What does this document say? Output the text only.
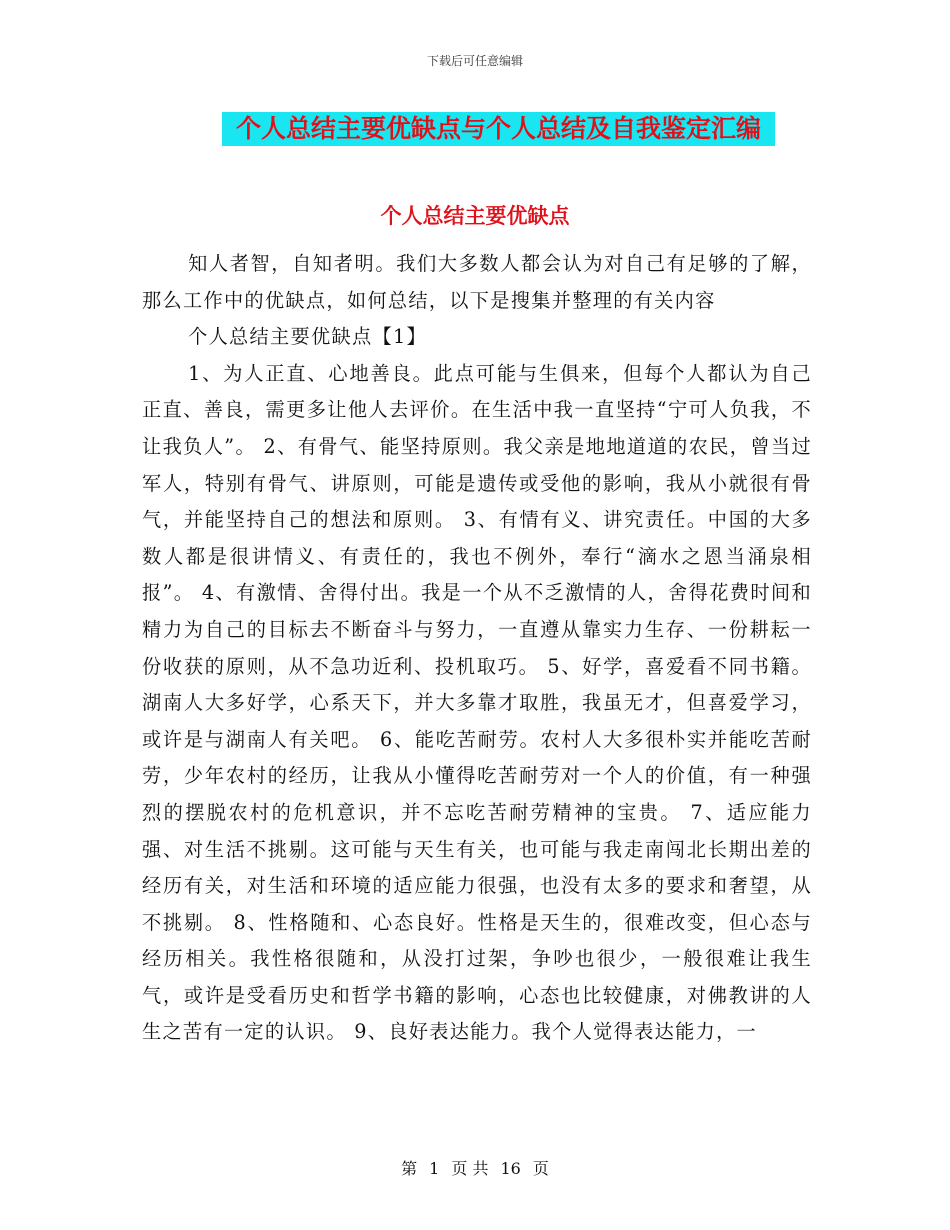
下载后可任意编辑
个人总结主要优缺点与个人总结及自我鉴定汇编
个人总结主要优缺点

知人者智，自知者明。我们大多数人都会认为对自己有足够的了解，那么工作中的优缺点，如何总结，以下是搜集并整理的有关内容

个人总结主要优缺点【1】

1、为人正直、心地善良。此点可能与生俱来，但每个人都认为自己正直、善良，需更多让他人去评价。在生活中我一直坚持“宁可人负我，不让我负人”。 2、有骨气、能坚持原则。我父亲是地地道道的农民，曾当过军人，特别有骨气、讲原则，可能是遗传或受他的影响，我从小就很有骨气，并能坚持自己的想法和原则。 3、有情有义、讲究责任。中国的大多数人都是很讲情义、有责任的，我也不例外，奉行“滴水之恩当涌泉相报”。 4、有激情、舍得付出。我是一个从不乏激情的人，舍得花费时间和精力为自己的目标去不断奋斗与努力，一直遵从靠实力生存、一份耕耘一份收获的原则，从不急功近利、投机取巧。 5、好学，喜爱看不同书籍。湖南人大多好学，心系天下，并大多靠才取胜，我虽无才，但喜爱学习，或许是与湖南人有关吧。 6、能吃苦耐劳。农村人大多很朴实并能吃苦耐劳，少年农村的经历，让我从小懂得吃苦耐劳对一个人的价值，有一种强烈的摆脱农村的危机意识，并不忘吃苦耐劳精神的宝贵。 7、适应能力强、对生活不挑剔。这可能与天生有关，也可能与我走南闯北长期出差的经历有关，对生活和环境的适应能力很强，也没有太多的要求和奢望，从不挑剔。 8、性格随和、心态良好。性格是天生的，很难改变，但心态与经历相关。我性格很随和，从没打过架，争吵也很少，一般很难让我生气，或许是受看历史和哲学书籍的影响，心态也比较健康，对佛教讲的人生之苦有一定的认识。 9、良好表达能力。我个人觉得表达能力，一

第 1 页 共 16 页
